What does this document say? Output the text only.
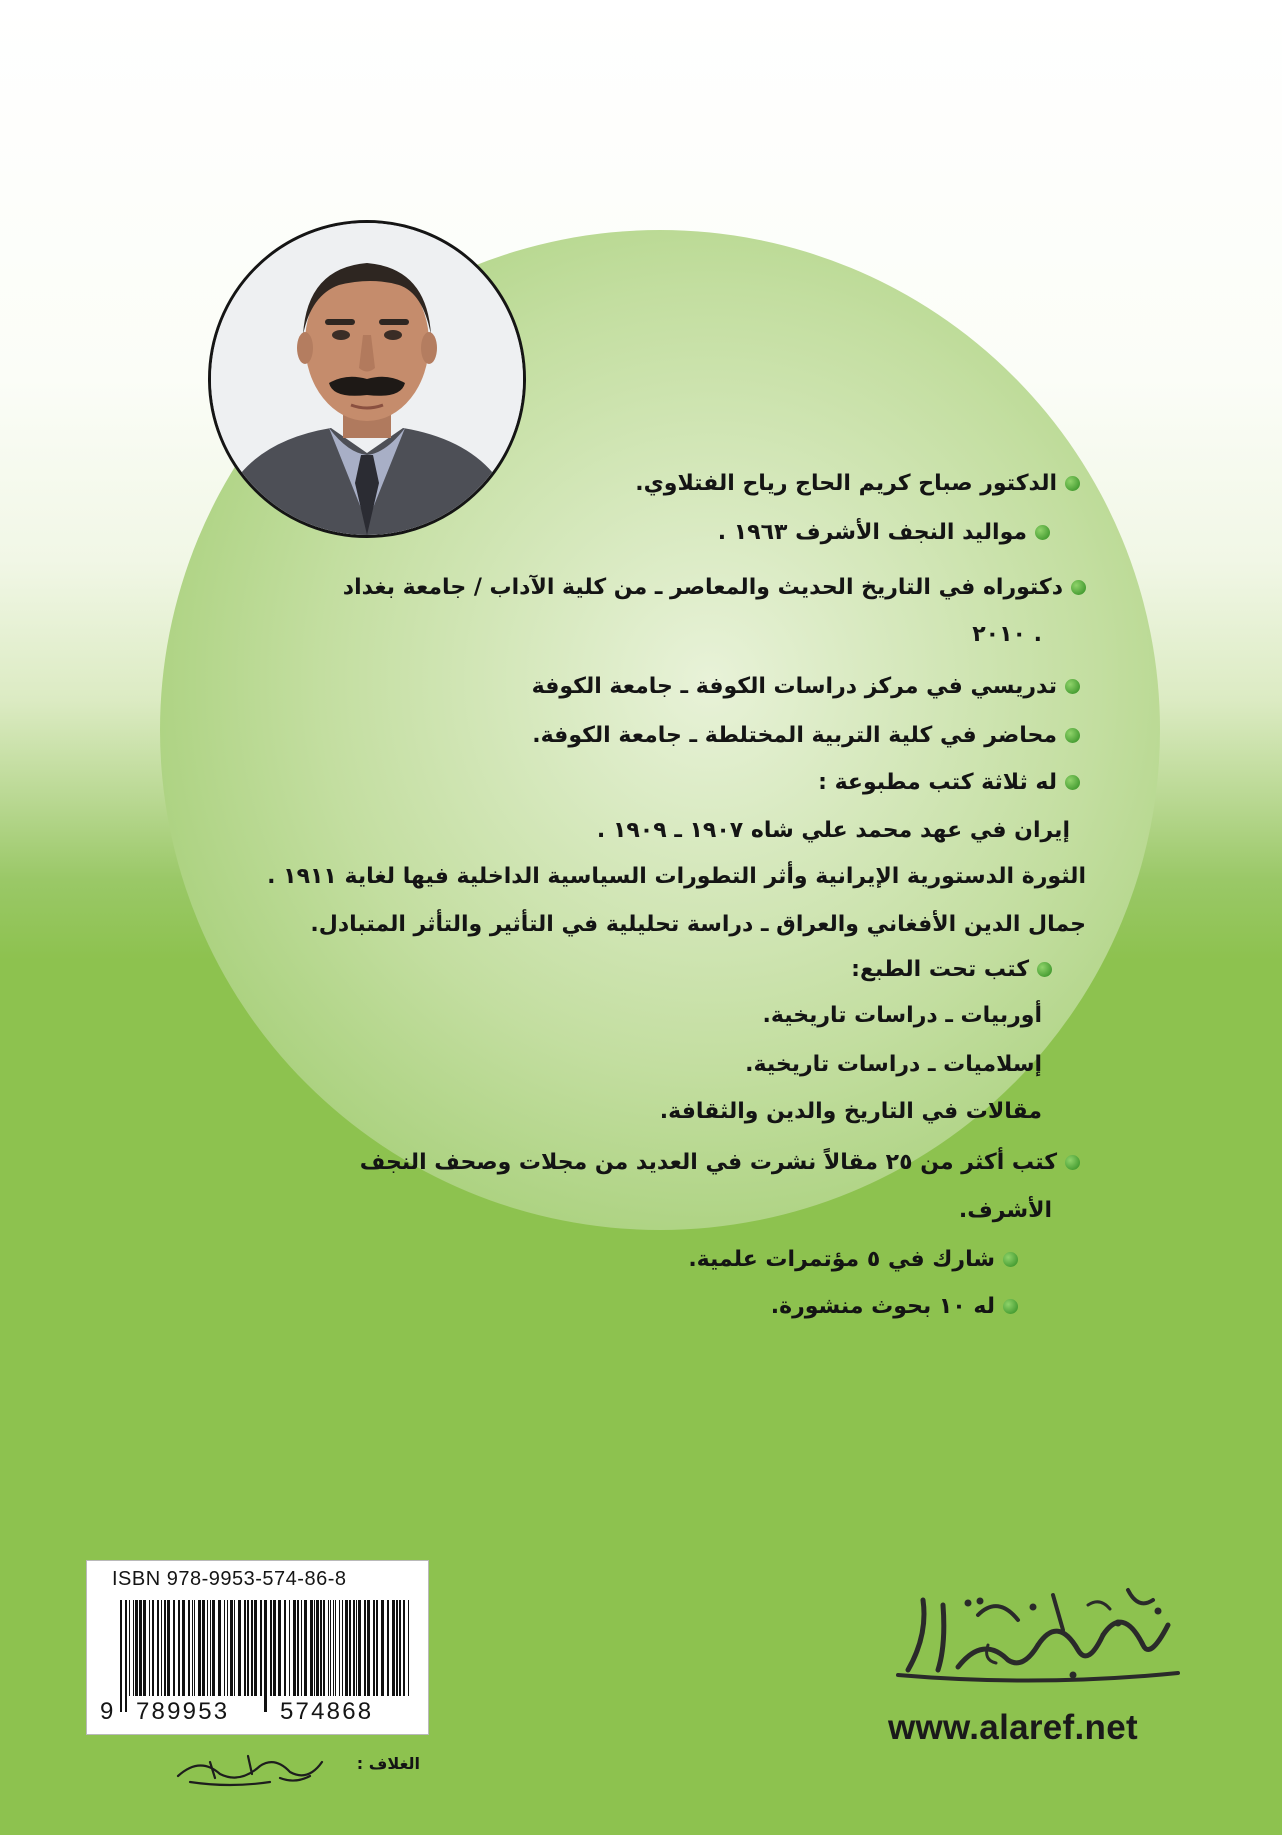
الدكتور صباح كريم الحاج رياح الفتلاوي.
مواليد النجف الأشرف ١٩٦٣ .
دكتوراه في التاريخ الحديث والمعاصر ـ من كلية الآداب / جامعة بغداد
. ٢٠١٠
تدريسي في مركز دراسات الكوفة ـ جامعة الكوفة
محاضر في كلية التربية المختلطة ـ جامعة الكوفة.
له ثلاثة كتب مطبوعة :
إيران في عهد محمد علي شاه ١٩٠٧ ـ ١٩٠٩ .
الثورة الدستورية الإيرانية وأثر التطورات السياسية الداخلية فيها لغاية ١٩١١ .
جمال الدين الأفغاني والعراق ـ دراسة تحليلية في التأثير والتأثر المتبادل.
كتب تحت الطبع:
أوربيات ـ دراسات تاريخية.
إسلاميات ـ دراسات تاريخية.
مقالات في التاريخ والدين والثقافة.
كتب أكثر من ٢٥ مقالاً نشرت في العديد من مجلات وصحف النجف
الأشرف.
شارك في ٥ مؤتمرات علمية.
له ١٠ بحوث منشورة.
ISBN 978-9953-574-86-8
9 789953 574868	www.alaref.net
الغلاف :
